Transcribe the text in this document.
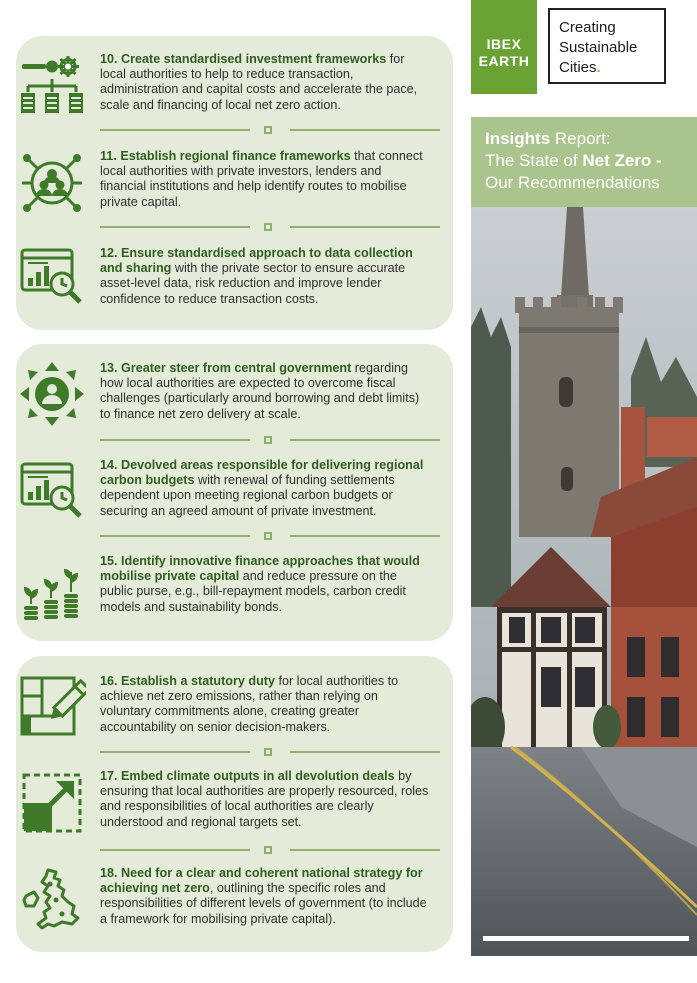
10. Create standardised investment frameworks for local authorities to help to reduce transaction, administration and capital costs and accelerate the pace, scale and financing of local net zero action.
11. Establish regional finance frameworks that connect local authorities with private investors, lenders and financial institutions and help identify routes to mobilise private capital.
12. Ensure standardised approach to data collection and sharing with the private sector to ensure accurate asset-level data, risk reduction and improve lender confidence to reduce transaction costs.
13. Greater steer from central government regarding how local authorities are expected to overcome fiscal challenges (particularly around borrowing and debt limits) to finance net zero delivery at scale.
14. Devolved areas responsible for delivering regional carbon budgets with renewal of funding settlements dependent upon meeting regional carbon budgets or securing an agreed amount of private investment.
15. Identify innovative finance approaches that would mobilise private capital and reduce pressure on the public purse, e.g., bill-repayment models, carbon credit models and sustainability bonds.
16. Establish a statutory duty for local authorities to achieve net zero emissions, rather than relying on voluntary commitments alone, creating greater accountability on senior decision-makers.
17. Embed climate outputs in all devolution deals by ensuring that local authorities are properly resourced, roles and responsibilities of local authorities are clearly understood and regional targets set.
18. Need for a clear and coherent national strategy for achieving net zero, outlining the specific roles and responsibilities of different levels of government (to include a framework for mobilising private capital).
IBEX
EARTH
Creating
Sustainable
Cities.
Insights Report:
The State of Net Zero -
Our Recommendations
